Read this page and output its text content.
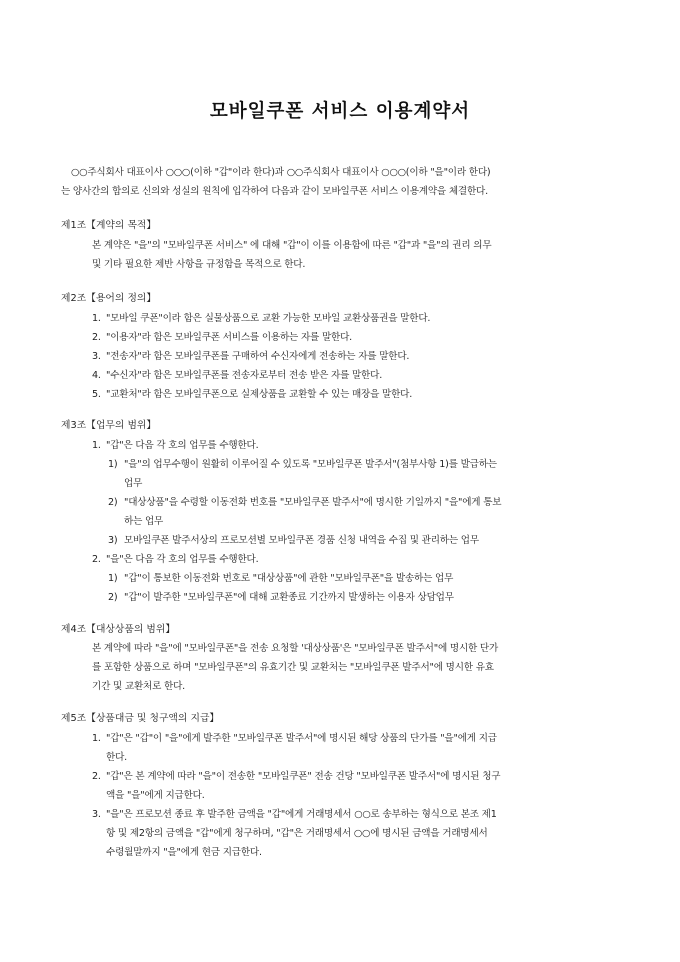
모바일쿠폰 서비스 이용계약서

○○주식회사 대표이사 ○○○(이하 "갑"이라 한다)과 ○○주식회사 대표이사 ○○○(이하 "을"이라 한다)

는 양사간의 합의로 신의와 성실의 원칙에 입각하여 다음과 같이 모바일쿠폰 서비스 이용계약을 체결한다.
제1조【계약의 목적】

본 계약은 "을"의 "모바일쿠폰 서비스" 에 대해 "갑"이 이를 이용함에 따른 "갑"과 "을"의 권리 의무

및 기타 필요한 제반 사항을 규정함을 목적으로 한다.

제2조【용어의 정의】
1. "모바일 쿠폰"이라 함은 실물상품으로 교환 가능한 모바일 교환상품권을 말한다.
2. "이용자"라 함은 모바일쿠폰 서비스를 이용하는 자를 말한다.
3. "전송자"라 함은 모바일쿠폰를 구매하여 수신자에게 전송하는 자를 말한다.
4. "수신자"라 함은 모바일쿠폰를 전송자로부터 전송 받은 자를 말한다.
5. "교환처"라 함은 모바일쿠폰으로 실제상품을 교환할 수 있는 매장을 말한다.
제3조【업무의 범위】
1. "갑"은 다음 각 호의 업무를 수행한다.
1) "을"의 업무수행이 원활히 이루어질 수 있도록 "모바일쿠폰 발주서"(첨부사항 1)를 발급하는
업무
2) "대상상품"을 수령할 이동전화 번호를 "모바일쿠폰 발주서"에 명시한 기일까지 "을"에게 통보
하는 업무
3) 모바일쿠폰 발주서상의 프로모션별 모바일쿠폰 경품 신청 내역을 수집 및 관리하는 업무
2. "을"은 다음 각 호의 업무를 수행한다.
1) "갑"이 통보한 이동전화 번호로 "대상상품"에 관한 "모바일쿠폰"을 발송하는 업무
2) "갑"이 발주한 "모바일쿠폰"에 대해 교환종료 기간까지 발생하는 이용자 상담업무
제4조【대상상품의 범위】

본 계약에 따라 "을"에 "모바일쿠폰"을 전송 요청할 '대상상품'은 "모바일쿠폰 발주서"에 명시한 단가

를 포함한 상품으로 하며 "모바일쿠폰"의 유효기간 및 교환처는 "모바일쿠폰 발주서"에 명시한 유효

기간 및 교환처로 한다.

제5조【상품대금 및 청구액의 지급】
1. "갑"은 "갑"이 "을"에게 발주한 "모바일쿠폰 발주서"에 명시된 해당 상품의 단가를 "을"에게 지급
한다.
2. "갑"은 본 계약에 따라 "을"이 전송한 "모바일쿠폰" 전송 건당 "모바일쿠폰 발주서"에 명시된 청구
액을 "을"에게 지급한다.
3. "을"은 프로모션 종료 후 발주한 금액을 "갑"에게 거래명세서 ○○로 송부하는 형식으로 본조 제1
항 및 제2항의 금액을 "갑"에게 청구하며, "갑"은 거래명세서 ○○에 명시된 금액을 거래명세서
수령월말까지 "을"에게 현금 지급한다.
